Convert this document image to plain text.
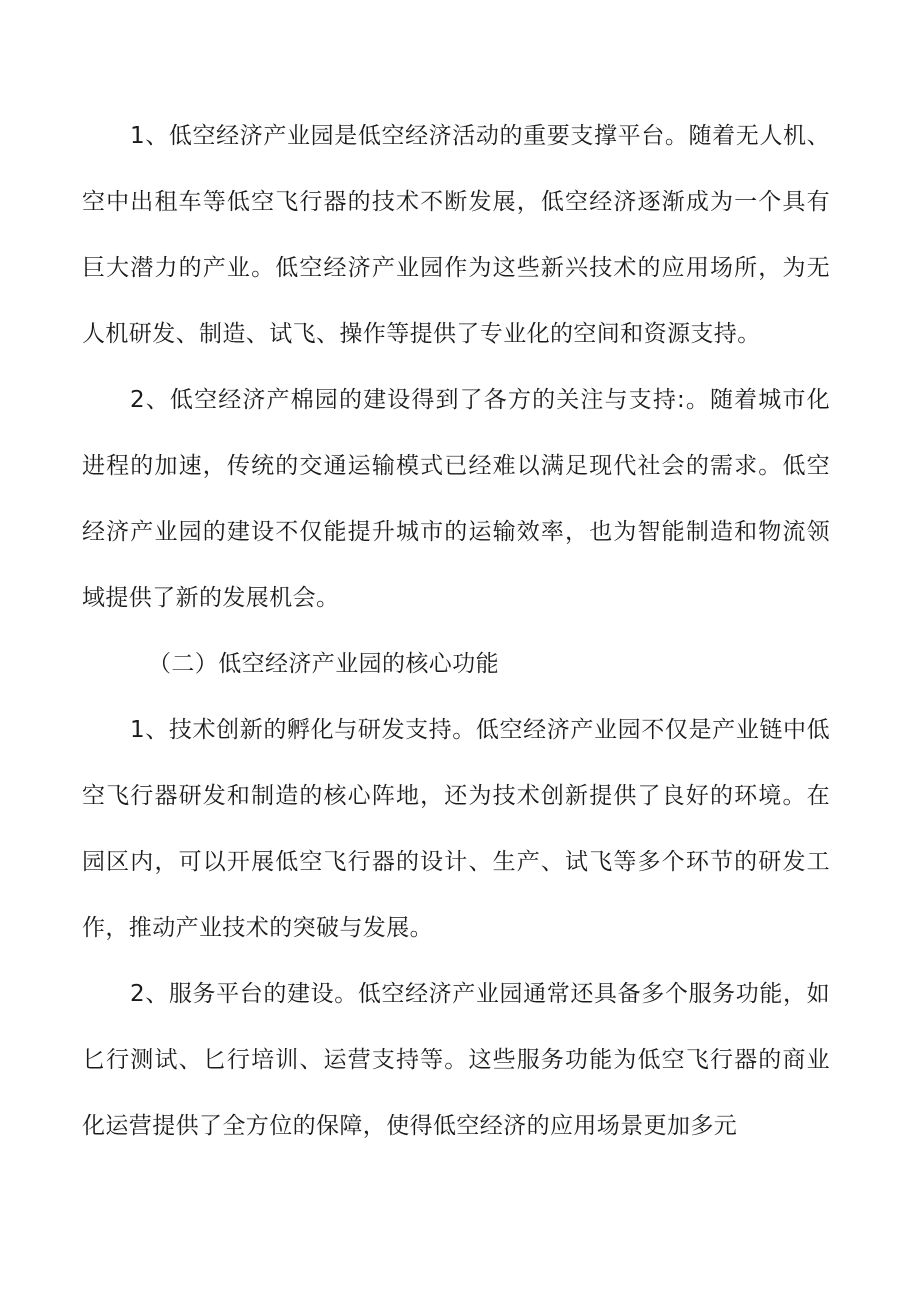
1、低空经济产业园是低空经济活动的重要支撑平台。随着无人机、空中出租车等低空飞行器的技术不断发展，低空经济逐渐成为一个具有巨大潜力的产业。低空经济产业园作为这些新兴技术的应用场所，为无人机研发、制造、试飞、操作等提供了专业化的空间和资源支持。

2、低空经济产棉园的建设得到了各方的关注与支持:。随着城市化进程的加速，传统的交通运输模式已经难以满足现代社会的需求。低空经济产业园的建设不仅能提升城市的运输效率，也为智能制造和物流领域提供了新的发展机会。

（二）低空经济产业园的核心功能

1、技术创新的孵化与研发支持。低空经济产业园不仅是产业链中低空飞行器研发和制造的核心阵地，还为技术创新提供了良好的环境。在园区内，可以开展低空飞行器的设计、生产、试飞等多个环节的研发工作，推动产业技术的突破与发展。

2、服务平台的建设。低空经济产业园通常还具备多个服务功能，如匕行测试、匕行培训、运营支持等。这些服务功能为低空飞行器的商业化运营提供了全方位的保障，使得低空经济的应用场景更加多元
